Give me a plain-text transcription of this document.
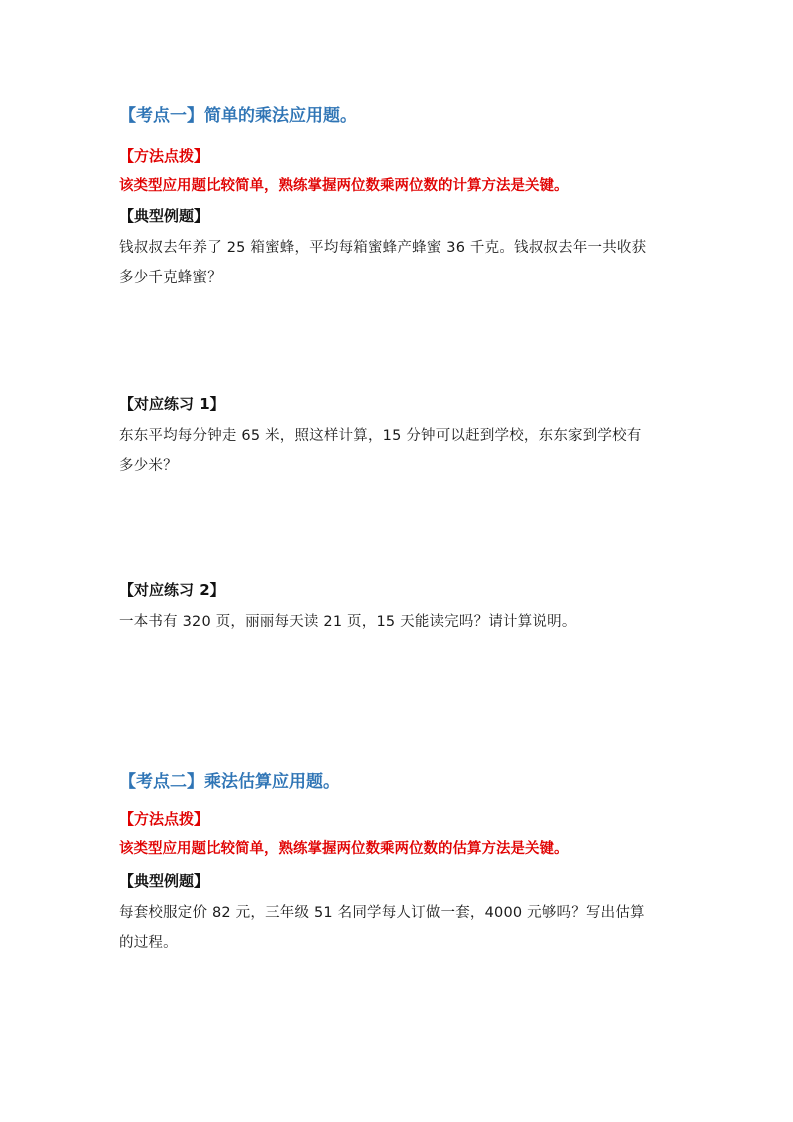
【考点一】简单的乘法应用题。
【方法点拨】
该类型应用题比较简单，熟练掌握两位数乘两位数的计算方法是关键。
【典型例题】
钱叔叔去年养了 25 箱蜜蜂，平均每箱蜜蜂产蜂蜜 36 千克。钱叔叔去年一共收获
多少千克蜂蜜？
【对应练习 1】
东东平均每分钟走 65 米，照这样计算，15 分钟可以赶到学校，东东家到学校有
多少米？
【对应练习 2】
一本书有 320 页，丽丽每天读 21 页，15 天能读完吗？请计算说明。
【考点二】乘法估算应用题。
【方法点拨】
该类型应用题比较简单，熟练掌握两位数乘两位数的估算方法是关键。
【典型例题】
每套校服定价 82 元，三年级 51 名同学每人订做一套，4000 元够吗？写出估算
的过程。
